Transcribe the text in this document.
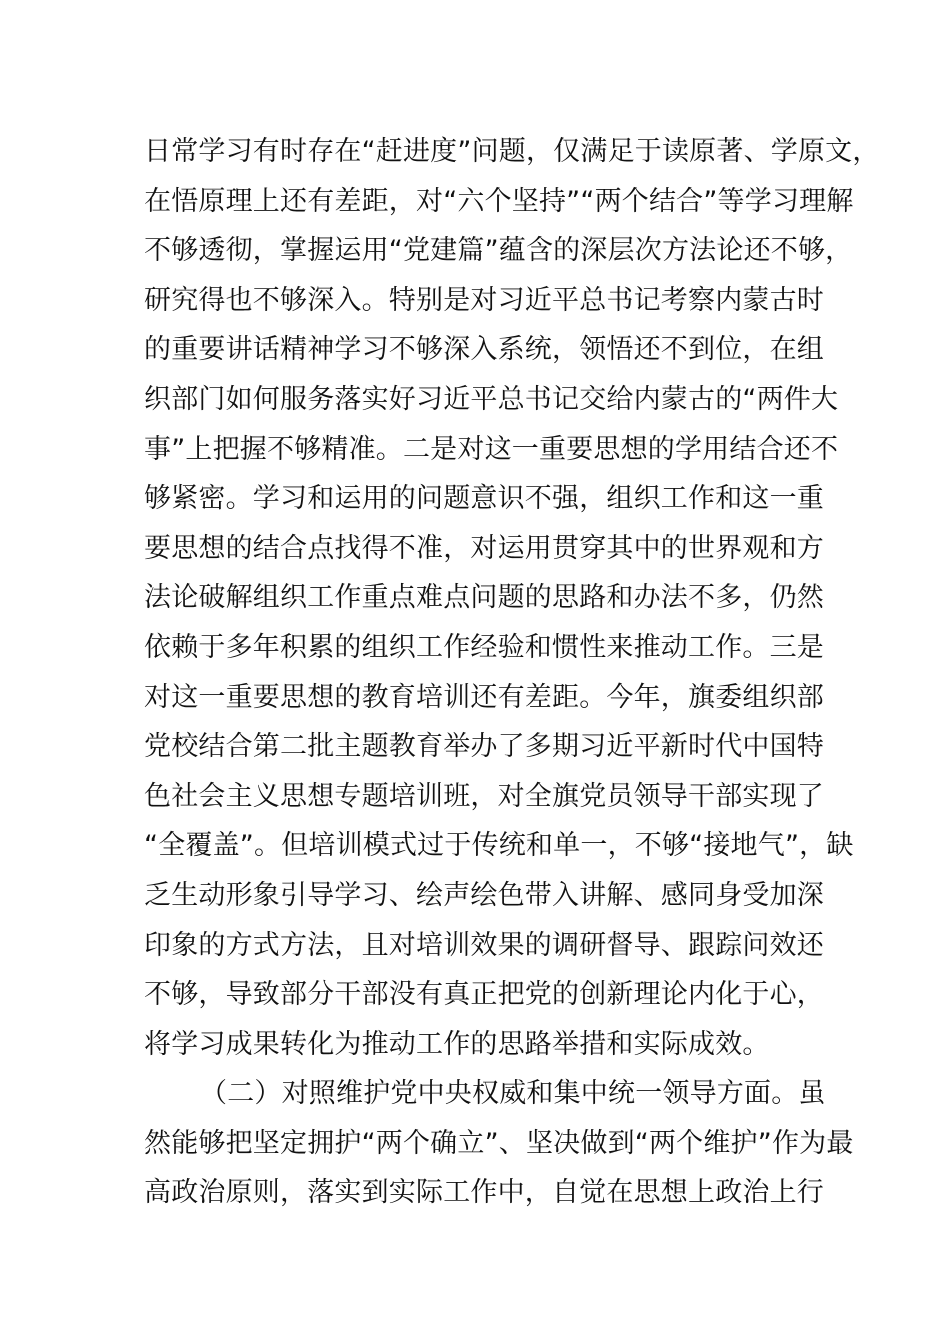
日常学习有时存在“赶进度”问题，仅满足于读原著、学原文，
在悟原理上还有差距，对“六个坚持”“两个结合”等学习理解
不够透彻，掌握运用“党建篇”蕴含的深层次方法论还不够，
研究得也不够深入。特别是对习近平总书记考察内蒙古时
的重要讲话精神学习不够深入系统，领悟还不到位，在组
织部门如何服务落实好习近平总书记交给内蒙古的“两件大
事”上把握不够精准。二是对这一重要思想的学用结合还不
够紧密。学习和运用的问题意识不强，组织工作和这一重
要思想的结合点找得不准，对运用贯穿其中的世界观和方
法论破解组织工作重点难点问题的思路和办法不多，仍然
依赖于多年积累的组织工作经验和惯性来推动工作。三是
对这一重要思想的教育培训还有差距。今年，旗委组织部
党校结合第二批主题教育举办了多期习近平新时代中国特
色社会主义思想专题培训班，对全旗党员领导干部实现了
“全覆盖”。但培训模式过于传统和单一，不够“接地气”，缺
乏生动形象引导学习、绘声绘色带入讲解、感同身受加深
印象的方式方法，且对培训效果的调研督导、跟踪问效还
不够，导致部分干部没有真正把党的创新理论内化于心，
将学习成果转化为推动工作的思路举措和实际成效。
（二）对照维护党中央权威和集中统一领导方面。虽
然能够把坚定拥护“两个确立”、坚决做到“两个维护”作为最
高政治原则，落实到实际工作中，自觉在思想上政治上行
